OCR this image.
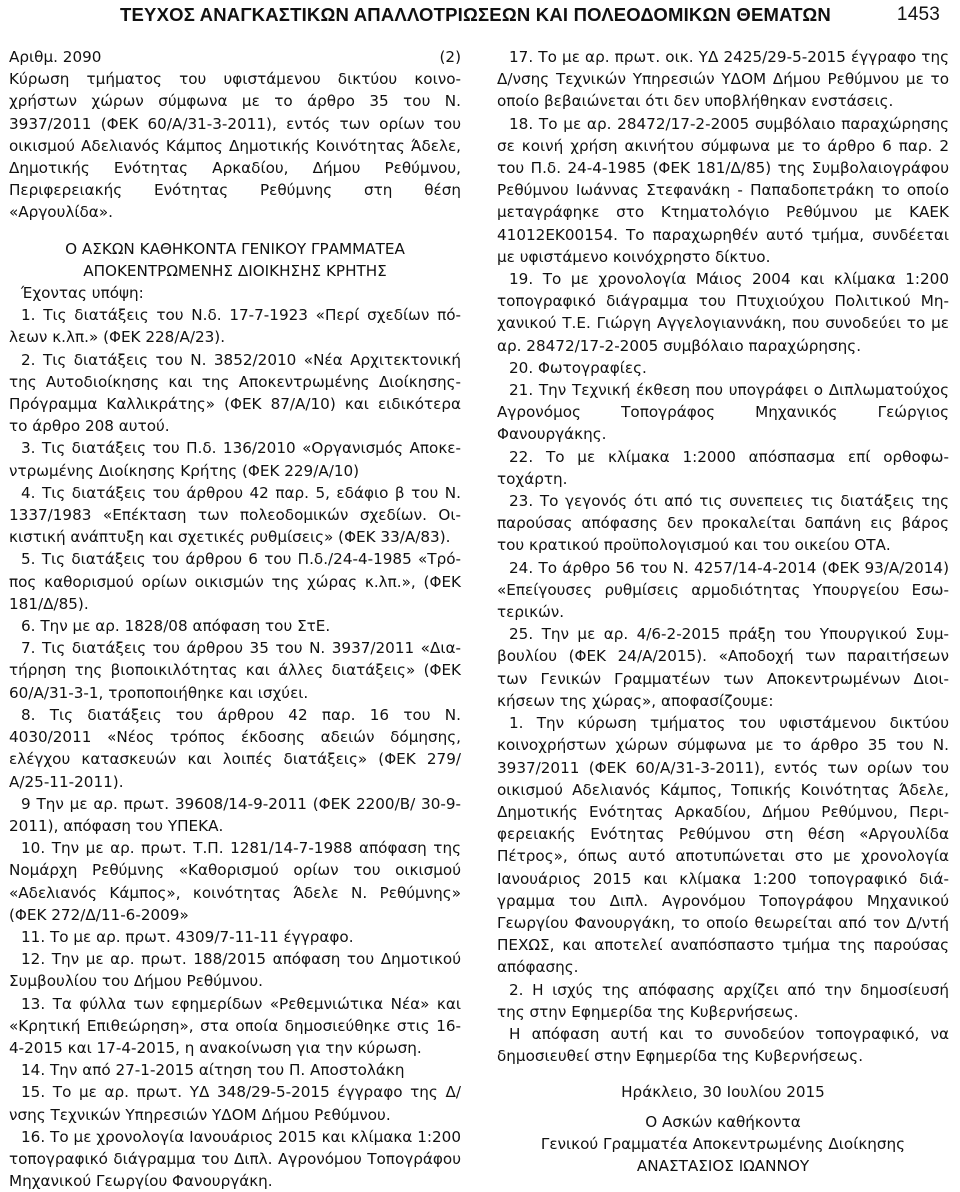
ΤΕΥΧΟΣ ΑΝΑΓΚΑΣΤΙΚΩΝ ΑΠΑΛΛΟΤΡΙΩΣΕΩΝ ΚΑΙ ΠΟΛΕΟΔΟΜΙΚΩΝ ΘΕΜΑΤΩΝ	1453
Αριθμ. 2090	(2)

Κύρωση τμήματος του υφιστάμενου δικτύου κοινοχρήστων χώρων σύμφωνα με το άρθρο 35 του Ν. 3937/2011 (ΦΕΚ 60/Α/31-3-2011), εντός των ορίων του οικισμού Αδελιανός Κάμπος Δημοτικής Κοινότητας Άδελε, Δημοτικής Ενότητας Αρκαδίου, Δήμου Ρεθύμνου, Περιφερειακής Ενότητας Ρεθύμνης στη θέση «Αργουλίδα».

Ο ΑΣΚΩΝ ΚΑΘΗΚΟΝΤΑ ΓΕΝΙΚΟΥ ΓΡΑΜΜΑΤΕΑ

ΑΠΟΚΕΝΤΡΩΜΕΝΗΣ ΔΙΟΙΚΗΣΗΣ ΚΡΗΤΗΣ

Έχοντας υπόψη:

1. Τις διατάξεις του Ν.δ. 17-7-1923 «Περί σχεδίων πόλεων κ.λπ.» (ΦΕΚ 228/Α/23).

2. Τις διατάξεις του Ν. 3852/2010 «Νέα Αρχιτεκτονική της Αυτοδιοίκησης και της Αποκεντρωμένης Διοίκησης-Πρόγραμμα Καλλικράτης» (ΦΕΚ 87/Α/10) και ειδικότερα το άρθρο 208 αυτού.

3. Τις διατάξεις του Π.δ. 136/2010 «Οργανισμός Αποκεντρωμένης Διοίκησης Κρήτης (ΦΕΚ 229/Α/10)

4. Τις διατάξεις του άρθρου 42 παρ. 5, εδάφιο β του Ν. 1337/1983 «Επέκταση των πολεοδομικών σχεδίων. Οικιστική ανάπτυξη και σχετικές ρυθμίσεις» (ΦΕΚ 33/Α/83).

5. Τις διατάξεις του άρθρου 6 του Π.δ./24-4-1985 «Τρόπος καθορισμού ορίων οικισμών της χώρας κ.λπ.», (ΦΕΚ 181/Δ/85).

6. Την με αρ. 1828/08 απόφαση του ΣτΕ.

7. Τις διατάξεις του άρθρου 35 του Ν. 3937/2011 «Διατήρηση της βιοποικιλότητας και άλλες διατάξεις» (ΦΕΚ 60/Α/31-3-1, τροποποιήθηκε και ισχύει.

8. Τις διατάξεις του άρθρου 42 παρ. 16 του Ν. 4030/2011 «Νέος τρόπος έκδοσης αδειών δόμησης, ελέγχου κατασκευών και λοιπές διατάξεις» (ΦΕΚ 279/Α/25-11-2011).

9 Την με αρ. πρωτ. 39608/14-9-2011 (ΦΕΚ 2200/Β/ 30-9-2011), απόφαση του ΥΠΕΚΑ.

10. Την με αρ. πρωτ. Τ.Π. 1281/14-7-1988 απόφαση της Νομάρχη Ρεθύμνης «Καθορισμού ορίων του οικισμού «Αδελιανός Κάμπος», κοινότητας Άδελε Ν. Ρεθύμνης» (ΦΕΚ 272/Δ/11-6-2009»

11. Το με αρ. πρωτ. 4309/7-11-11 έγγραφο.

12. Την με αρ. πρωτ. 188/2015 απόφαση του Δημοτικού Συμβουλίου του Δήμου Ρεθύμνου.

13. Τα φύλλα των εφημερίδων «Ρεθεμνιώτικα Νέα» και «Κρητική Επιθεώρηση», στα οποία δημοσιεύθηκε στις 16-4-2015 και 17-4-2015, η ανακοίνωση για την κύρωση.

14. Την από 27-1-2015 αίτηση του Π. Αποστολάκη

15. Το με αρ. πρωτ. ΥΔ 348/29-5-2015 έγγραφο της Δ/νσης Τεχνικών Υπηρεσιών ΥΔΟΜ Δήμου Ρεθύμνου.

16. Το με χρονολογία Ιανουάριος 2015 και κλίμακα 1:200 τοπογραφικό διάγραμμα του Διπλ. Αγρονόμου Τοπογράφου Μηχανικού Γεωργίου Φανουργάκη.

17. Το με αρ. πρωτ. οικ. ΥΔ 2425/29-5-2015 έγγραφο της Δ/νσης Τεχνικών Υπηρεσιών ΥΔΟΜ Δήμου Ρεθύμνου με το οποίο βεβαιώνεται ότι δεν υποβλήθηκαν ενστάσεις.

18. Το με αρ. 28472/17-2-2005 συμβόλαιο παραχώρησης σε κοινή χρήση ακινήτου σύμφωνα με το άρθρο 6 παρ. 2 του Π.δ. 24-4-1985 (ΦΕΚ 181/Δ/85) της Συμβολαιογράφου Ρεθύμνου Ιωάννας Στεφανάκη - Παπαδοπετράκη το οποίο μεταγράφηκε στο Κτηματολόγιο Ρεθύμνου με ΚΑΕΚ 41012ΕΚ00154. Το παραχωρηθέν αυτό τμήμα, συνδέεται με υφιστάμενο κοινόχρηστο δίκτυο.

19. Το με χρονολογία Μάιος 2004 και κλίμακα 1:200 τοπογραφικό διάγραμμα του Πτυχιούχου Πολιτικού Μηχανικού Τ.Ε. Γιώργη Αγγελογιαννάκη, που συνοδεύει το με αρ. 28472/17-2-2005 συμβόλαιο παραχώρησης.

20. Φωτογραφίες.

21. Την Τεχνική έκθεση που υπογράφει ο Διπλωματούχος Αγρονόμος Τοπογράφος Μηχανικός Γεώργιος Φανουργάκης.

22. Το με κλίμακα 1:2000 απόσπασμα επί ορθοφωτοχάρτη.

23. Το γεγονός ότι από τις συνεπειες τις διατάξεις της παρούσας απόφασης δεν προκαλείται δαπάνη εις βάρος του κρατικού προϋπολογισμού και του οικείου ΟΤΑ.

24. Το άρθρο 56 του Ν. 4257/14-4-2014 (ΦΕΚ 93/Α/2014) «Επείγουσες ρυθμίσεις αρμοδιότητας Υπουργείου Εσωτερικών.

25. Την με αρ. 4/6-2-2015 πράξη του Υπουργικού Συμβουλίου (ΦΕΚ 24/Α/2015). «Αποδοχή των παραιτήσεων των Γενικών Γραμματέων των Αποκεντρωμένων Διοικήσεων της χώρας», αποφασίζουμε:

1. Την κύρωση τμήματος του υφιστάμενου δικτύου κοινοχρήστων χώρων σύμφωνα με το άρθρο 35 του Ν. 3937/2011 (ΦΕΚ 60/Α/31-3-2011), εντός των ορίων του οικισμού Αδελιανός Κάμπος, Τοπικής Κοινότητας Άδελε, Δημοτικής Ενότητας Αρκαδίου, Δήμου Ρεθύμνου, Περιφερειακής Ενότητας Ρεθύμνου στη θέση «Αργουλίδα Πέτρος», όπως αυτό αποτυπώνεται στο με χρονολογία Ιανουάριος 2015 και κλίμακα 1:200 τοπογραφικό διάγραμμα του Διπλ. Αγρονόμου Τοπογράφου Μηχανικού Γεωργίου Φανουργάκη, το οποίο θεωρείται από τον Δ/ντή ΠΕΧΩΣ, και αποτελεί αναπόσπαστο τμήμα της παρούσας απόφασης.

2. Η ισχύς της απόφασης αρχίζει από την δημοσίευσή της στην Εφημερίδα της Κυβερνήσεως.

Η απόφαση αυτή και το συνοδεύον τοπογραφικό, να δημοσιευθεί στην Εφημερίδα της Κυβερνήσεως.

Ηράκλειο, 30 Ιουλίου 2015

Ο Ασκών καθήκοντα

Γενικού Γραμματέα Αποκεντρωμένης Διοίκησης

ΑΝΑΣΤΑΣΙΟΣ ΙΩΑΝΝΟΥ
